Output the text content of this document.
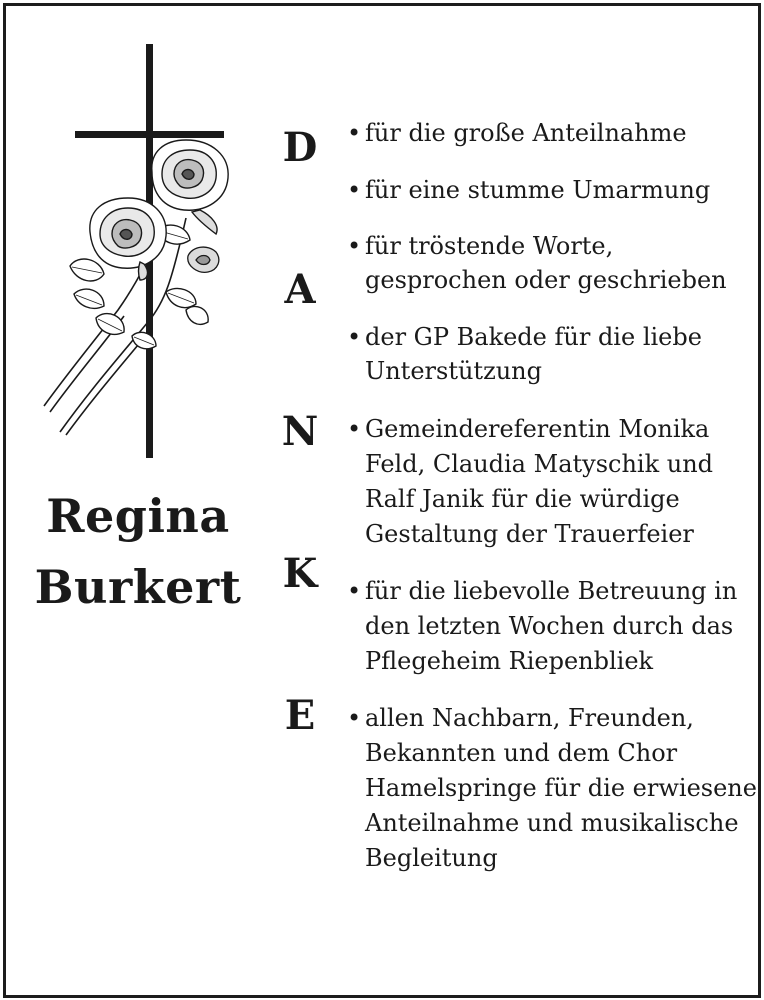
Regina
Burkert
D
A
N
K
E
• für die große Anteilnahme
• für eine stumme Umarmung
• für tröstende Worte,
gesprochen oder geschrieben
• der GP Bakede für die liebe
Unterstützung
• Gemeindereferentin Monika
Feld, Claudia Matyschik und
Ralf Janik für die würdige
Gestaltung der Trauerfeier
• für die liebevolle Betreuung in
den letzten Wochen durch das
Pflegeheim Riepenbliek
• allen Nachbarn, Freunden,
Bekannten und dem Chor
Hamelspringe für die erwiesene
Anteilnahme und musikalische
Begleitung
